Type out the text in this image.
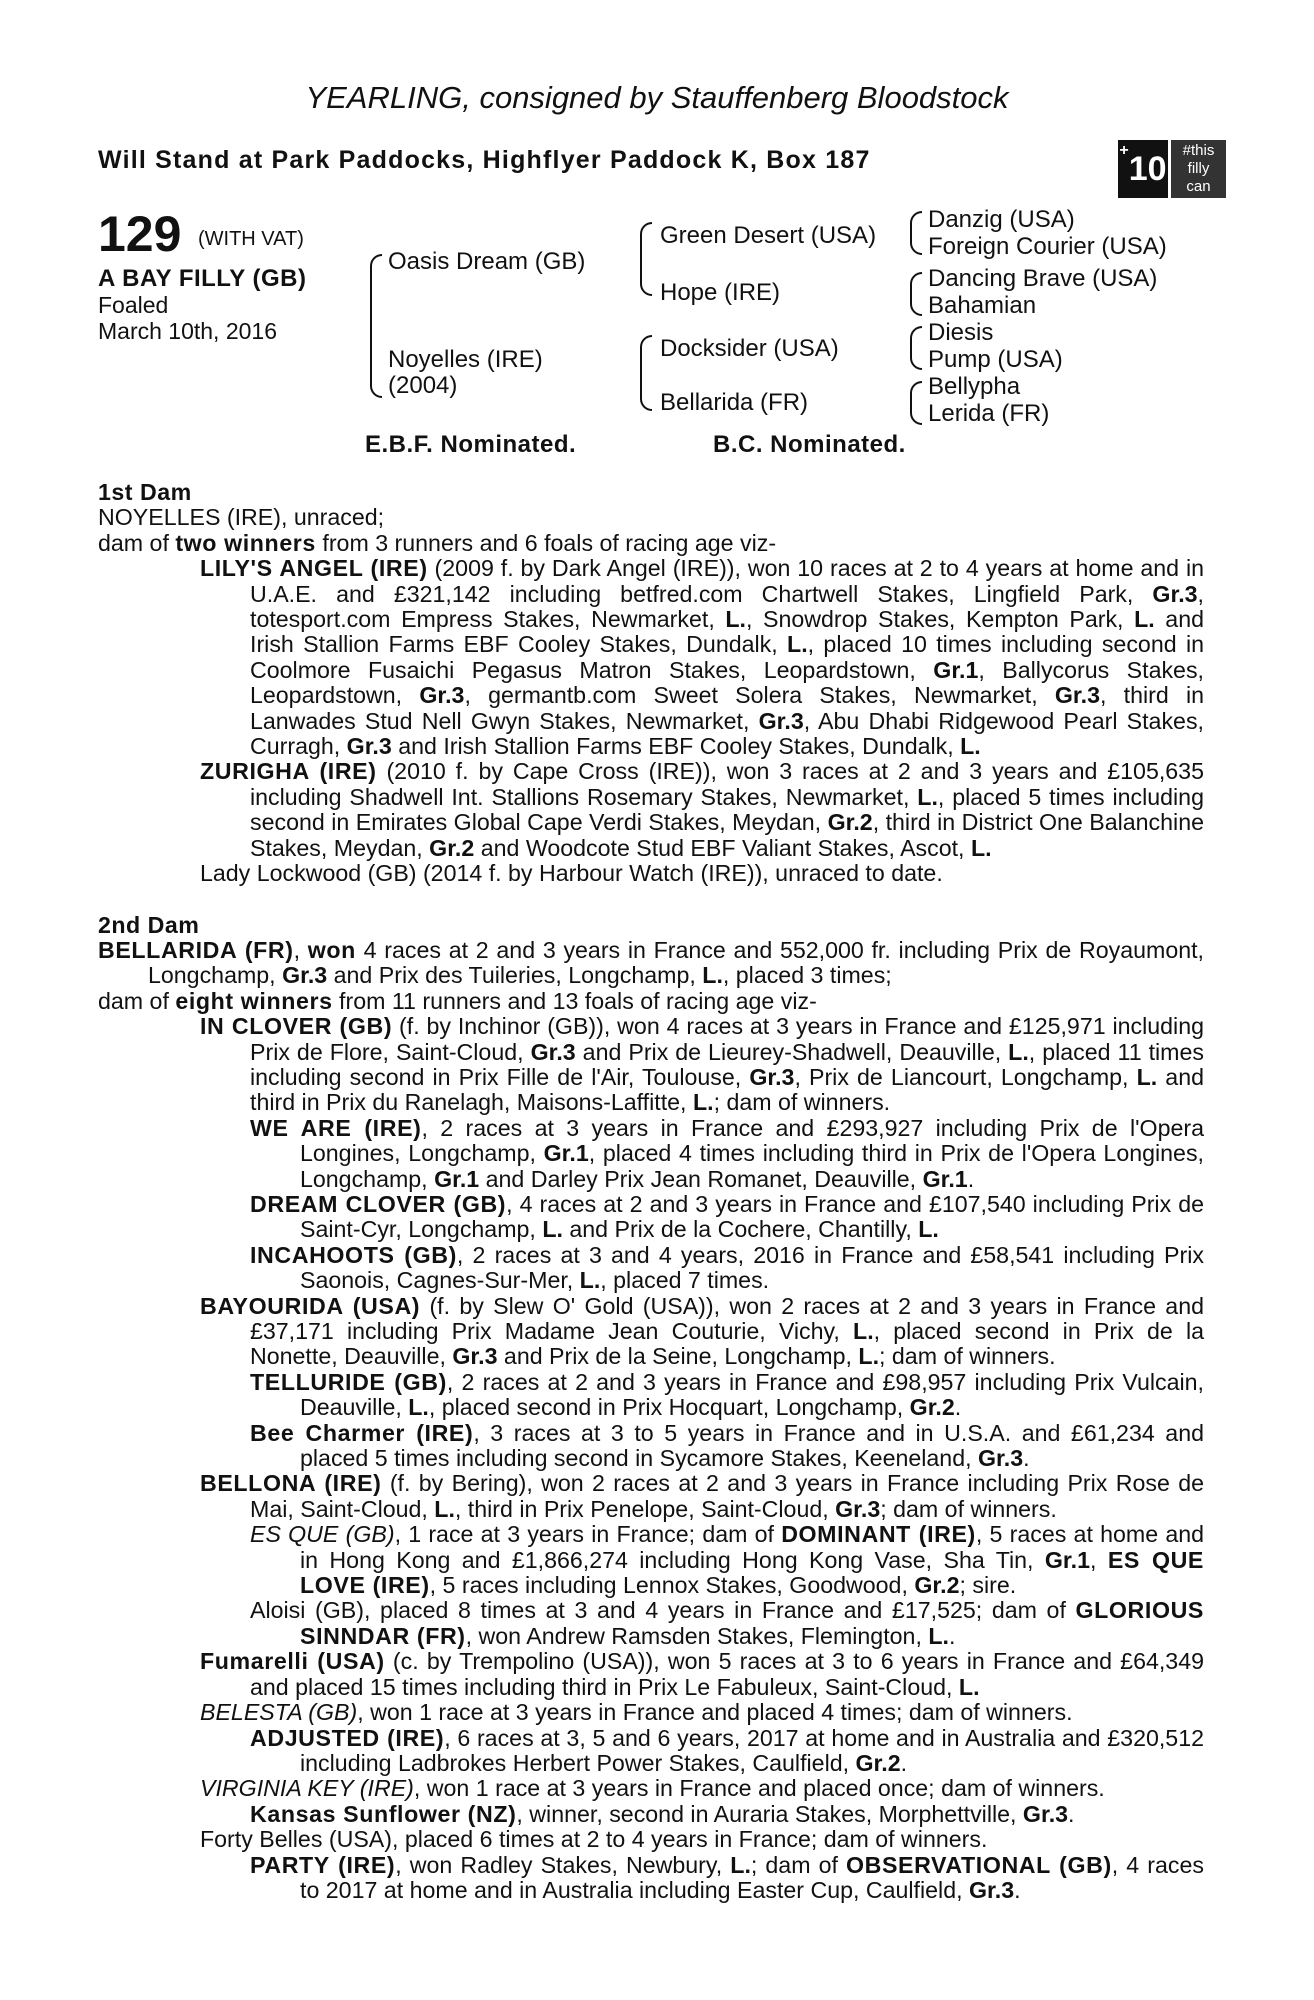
YEARLING, consigned by Stauffenberg Bloodstock
Will Stand at Park Paddocks, Highflyer Paddock K, Box 187	+10	#this
filly
can
129 (WITH VAT)
A BAY FILLY (GB)
Foaled
March 10th, 2016
Oasis Dream (GB)
Noyelles (IRE)
(2004)
Green Desert (USA)
Hope (IRE)
Docksider (USA)
Bellarida (FR)
Danzig (USA)
Foreign Courier (USA)
Dancing Brave (USA)
Bahamian
Diesis
Pump (USA)
Bellypha
Lerida (FR)
E.B.F. Nominated.	B.C. Nominated.
1st Dam
NOYELLES (IRE), unraced;
dam of two winners from 3 runners and 6 foals of racing age viz-
LILY'S ANGEL (IRE) (2009 f. by Dark Angel (IRE)), won 10 races at 2 to 4 years at home and in U.A.E. and £321,142 including betfred.com Chartwell Stakes, Lingfield Park, Gr.3, totesport.com Empress Stakes, Newmarket, L., Snowdrop Stakes, Kempton Park, L. and Irish Stallion Farms EBF Cooley Stakes, Dundalk, L., placed 10 times including second in Coolmore Fusaichi Pegasus Matron Stakes, Leopardstown, Gr.1, Ballycorus Stakes, Leopardstown, Gr.3, germantb.com Sweet Solera Stakes, Newmarket, Gr.3, third in Lanwades Stud Nell Gwyn Stakes, Newmarket, Gr.3, Abu Dhabi Ridgewood Pearl Stakes, Curragh, Gr.3 and Irish Stallion Farms EBF Cooley Stakes, Dundalk, L.
ZURIGHA (IRE) (2010 f. by Cape Cross (IRE)), won 3 races at 2 and 3 years and £105,635 including Shadwell Int. Stallions Rosemary Stakes, Newmarket, L., placed 5 times including second in Emirates Global Cape Verdi Stakes, Meydan, Gr.2, third in District One Balanchine Stakes, Meydan, Gr.2 and Woodcote Stud EBF Valiant Stakes, Ascot, L.
Lady Lockwood (GB) (2014 f. by Harbour Watch (IRE)), unraced to date.
2nd Dam
BELLARIDA (FR), won 4 races at 2 and 3 years in France and 552,000 fr. including Prix de Royaumont, Longchamp, Gr.3 and Prix des Tuileries, Longchamp, L., placed 3 times;
dam of eight winners from 11 runners and 13 foals of racing age viz-
IN CLOVER (GB) (f. by Inchinor (GB)), won 4 races at 3 years in France and £125,971 including Prix de Flore, Saint-Cloud, Gr.3 and Prix de Lieurey-Shadwell, Deauville, L., placed 11 times including second in Prix Fille de l'Air, Toulouse, Gr.3, Prix de Liancourt, Longchamp, L. and third in Prix du Ranelagh, Maisons-Laffitte, L.; dam of winners.
WE ARE (IRE), 2 races at 3 years in France and £293,927 including Prix de l'Opera Longines, Longchamp, Gr.1, placed 4 times including third in Prix de l'Opera Longines, Longchamp, Gr.1 and Darley Prix Jean Romanet, Deauville, Gr.1.
DREAM CLOVER (GB), 4 races at 2 and 3 years in France and £107,540 including Prix de Saint-Cyr, Longchamp, L. and Prix de la Cochere, Chantilly, L.
INCAHOOTS (GB), 2 races at 3 and 4 years, 2016 in France and £58,541 including Prix Saonois, Cagnes-Sur-Mer, L., placed 7 times.
BAYOURIDA (USA) (f. by Slew O' Gold (USA)), won 2 races at 2 and 3 years in France and £37,171 including Prix Madame Jean Couturie, Vichy, L., placed second in Prix de la Nonette, Deauville, Gr.3 and Prix de la Seine, Longchamp, L.; dam of winners.
TELLURIDE (GB), 2 races at 2 and 3 years in France and £98,957 including Prix Vulcain, Deauville, L., placed second in Prix Hocquart, Longchamp, Gr.2.
Bee Charmer (IRE), 3 races at 3 to 5 years in France and in U.S.A. and £61,234 and placed 5 times including second in Sycamore Stakes, Keeneland, Gr.3.
BELLONA (IRE) (f. by Bering), won 2 races at 2 and 3 years in France including Prix Rose de Mai, Saint-Cloud, L., third in Prix Penelope, Saint-Cloud, Gr.3; dam of winners.
ES QUE (GB), 1 race at 3 years in France; dam of DOMINANT (IRE), 5 races at home and in Hong Kong and £1,866,274 including Hong Kong Vase, Sha Tin, Gr.1, ES QUE LOVE (IRE), 5 races including Lennox Stakes, Goodwood, Gr.2; sire.
Aloisi (GB), placed 8 times at 3 and 4 years in France and £17,525; dam of GLORIOUS SINNDAR (FR), won Andrew Ramsden Stakes, Flemington, L..
Fumarelli (USA) (c. by Trempolino (USA)), won 5 races at 3 to 6 years in France and £64,349 and placed 15 times including third in Prix Le Fabuleux, Saint-Cloud, L.
BELESTA (GB), won 1 race at 3 years in France and placed 4 times; dam of winners.
ADJUSTED (IRE), 6 races at 3, 5 and 6 years, 2017 at home and in Australia and £320,512 including Ladbrokes Herbert Power Stakes, Caulfield, Gr.2.
VIRGINIA KEY (IRE), won 1 race at 3 years in France and placed once; dam of winners.
Kansas Sunflower (NZ), winner, second in Auraria Stakes, Morphettville, Gr.3.
Forty Belles (USA), placed 6 times at 2 to 4 years in France; dam of winners.
PARTY (IRE), won Radley Stakes, Newbury, L.; dam of OBSERVATIONAL (GB), 4 races to 2017 at home and in Australia including Easter Cup, Caulfield, Gr.3.
